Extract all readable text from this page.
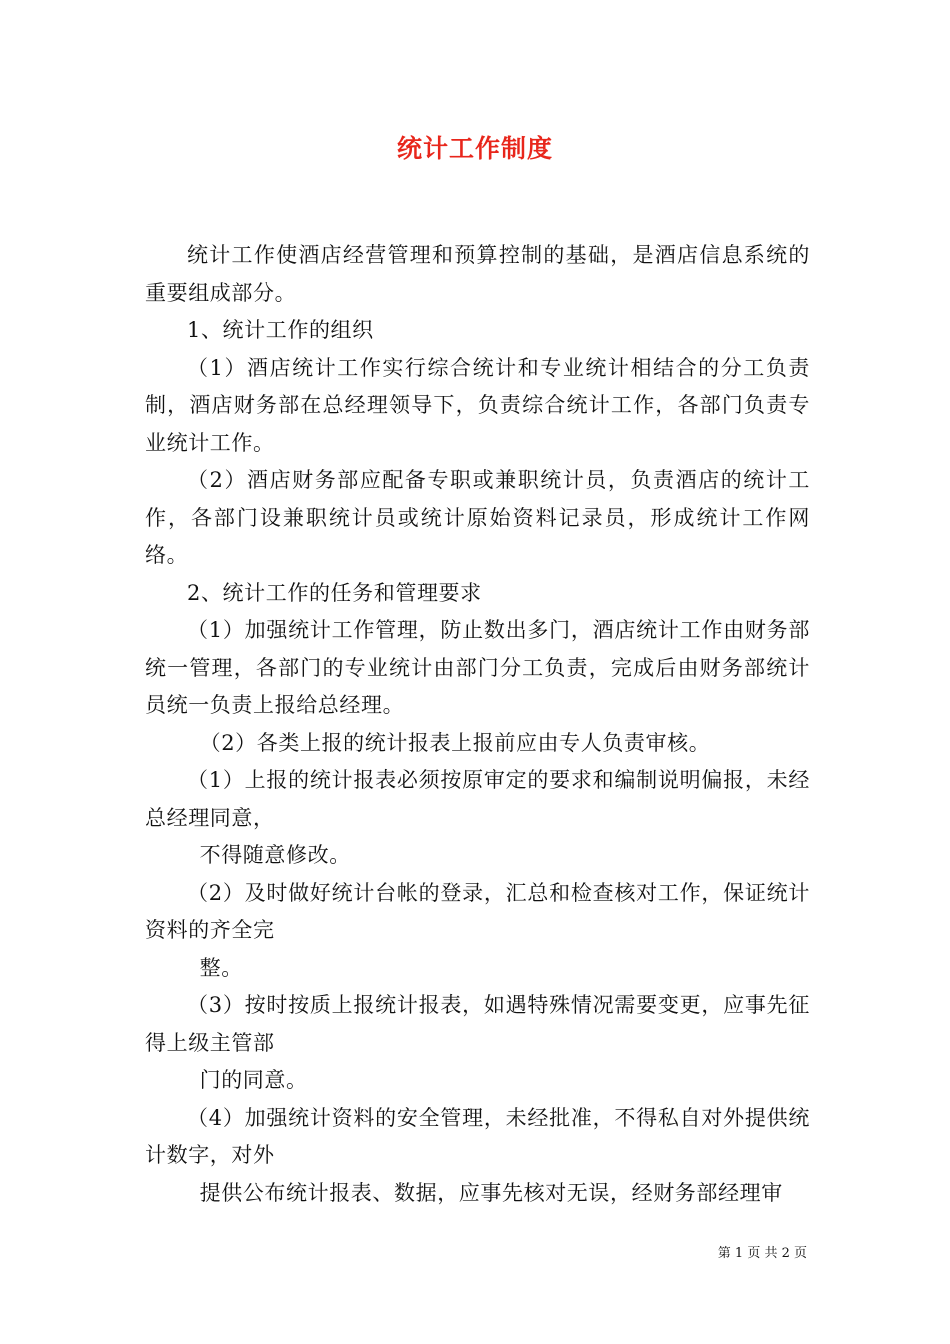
统计工作制度

统计工作使酒店经营管理和预算控制的基础，是酒店信息系统的重要组成部分。

1、统计工作的组织

（1）酒店统计工作实行综合统计和专业统计相结合的分工负责制，酒店财务部在总经理领导下，负责综合统计工作，各部门负责专业统计工作。

（2）酒店财务部应配备专职或兼职统计员，负责酒店的统计工作，各部门设兼职统计员或统计原始资料记录员，形成统计工作网络。

2、统计工作的任务和管理要求

（1）加强统计工作管理，防止数出多门，酒店统计工作由财务部统一管理，各部门的专业统计由部门分工负责，完成后由财务部统计员统一负责上报给总经理。

（2）各类上报的统计报表上报前应由专人负责审核。

（1）上报的统计报表必须按原审定的要求和编制说明偏报，未经总经理同意，

不得随意修改。

（2）及时做好统计台帐的登录，汇总和检查核对工作，保证统计资料的齐全完

整。

（3）按时按质上报统计报表，如遇特殊情况需要变更，应事先征得上级主管部

门的同意。

（4）加强统计资料的安全管理，未经批准，不得私自对外提供统计数字，对外

提供公布统计报表、数据，应事先核对无误，经财务部经理审

第 1 页 共 2 页
